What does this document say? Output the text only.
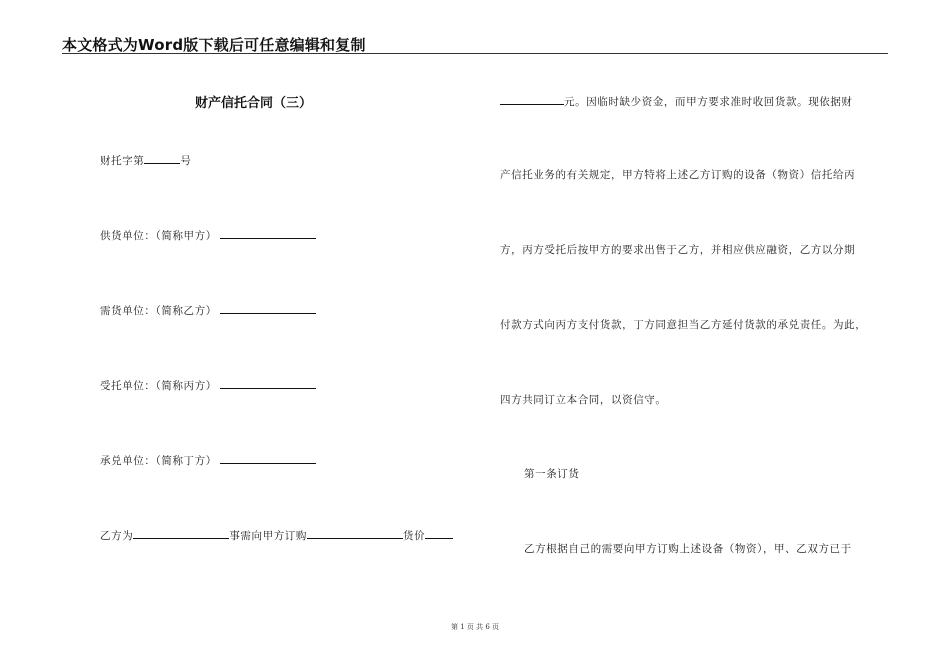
本文格式为Word版下载后可任意编辑和复制
财产信托合同（三）
财托字第	号
供货单位：（简称甲方）
需货单位：（简称乙方）
受托单位：（简称丙方）
承兑单位：（简称丁方）
乙方为	事需向甲方订购	货价
元。因临时缺少资金，而甲方要求准时收回货款。现依据财
产信托业务的有关规定，甲方特将上述乙方订购的设备（物资）信托给丙
方，丙方受托后按甲方的要求出售于乙方，并相应供应融资，乙方以分期
付款方式向丙方支付货款，丁方同意担当乙方延付货款的承兑责任。为此，
四方共同订立本合同，以资信守。
第一条订货
乙方根据自己的需要向甲方订购上述设备（物资），甲、乙双方已于
第 1 页 共 6 页
